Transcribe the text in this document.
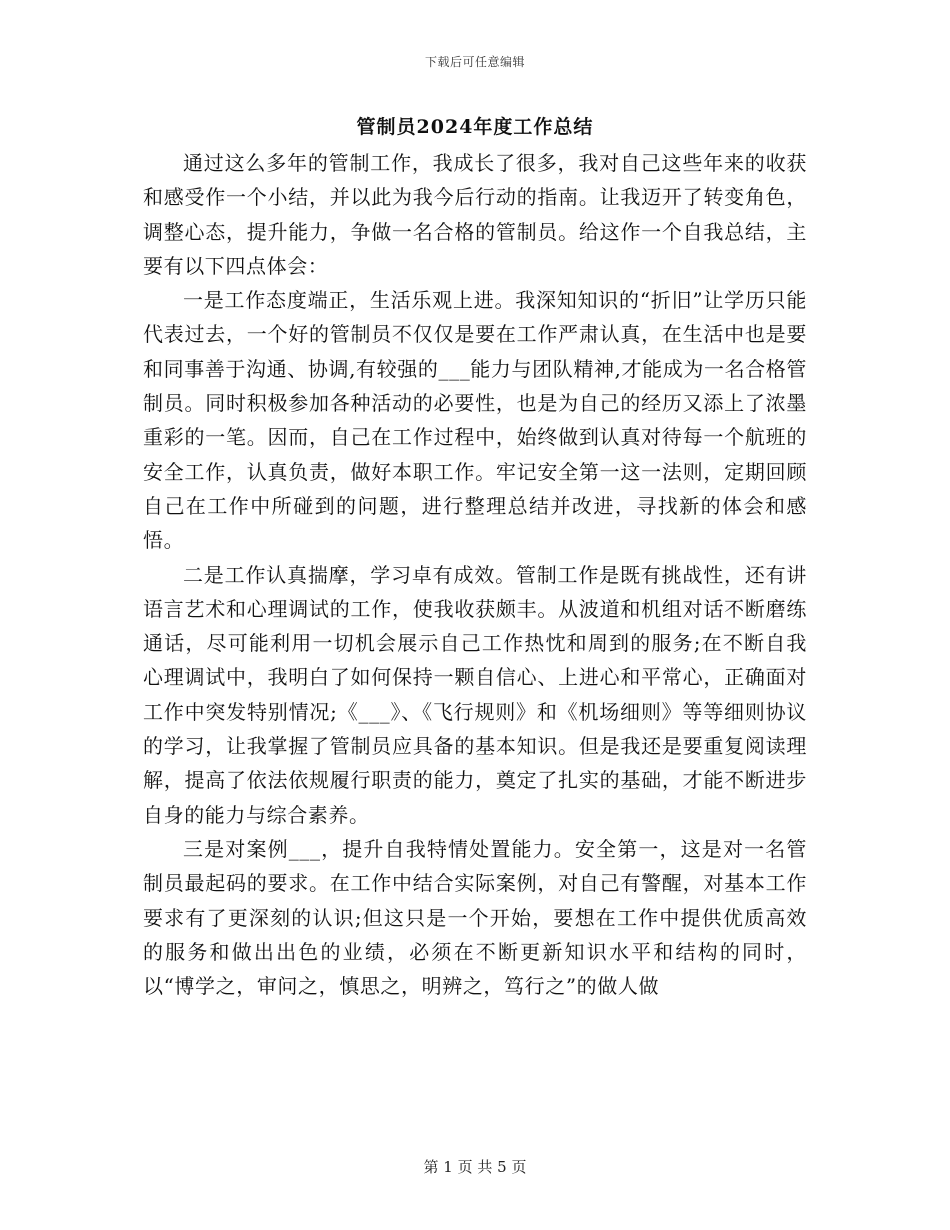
下载后可任意编辑
管制员2024年度工作总结

通过这么多年的管制工作，我成长了很多，我对自己这些年来的收获和感受作一个小结，并以此为我今后行动的指南。让我迈开了转变角色，调整心态，提升能力，争做一名合格的管制员。给这作一个自我总结，主要有以下四点体会：

一是工作态度端正，生活乐观上进。我深知知识的“折旧”让学历只能代表过去，一个好的管制员不仅仅是要在工作严肃认真，在生活中也是要和同事善于沟通、协调,有较强的___能力与团队精神,才能成为一名合格管制员。同时积极参加各种活动的必要性，也是为自己的经历又添上了浓墨重彩的一笔。因而，自己在工作过程中，始终做到认真对待每一个航班的安全工作，认真负责，做好本职工作。牢记安全第一这一法则，定期回顾自己在工作中所碰到的问题，进行整理总结并改进，寻找新的体会和感悟。

二是工作认真揣摩，学习卓有成效。管制工作是既有挑战性，还有讲语言艺术和心理调试的工作，使我收获颇丰。从波道和机组对话不断磨练通话，尽可能利用一切机会展示自己工作热忱和周到的服务;在不断自我心理调试中，我明白了如何保持一颗自信心、上进心和平常心，正确面对工作中突发特别情况;《___》、《飞行规则》和《机场细则》等等细则协议的学习，让我掌握了管制员应具备的基本知识。但是我还是要重复阅读理解，提高了依法依规履行职责的能力，奠定了扎实的基础，才能不断进步自身的能力与综合素养。

三是对案例___，提升自我特情处置能力。安全第一，这是对一名管制员最起码的要求。在工作中结合实际案例，对自己有警醒，对基本工作要求有了更深刻的认识;但这只是一个开始，要想在工作中提供优质高效的服务和做出出色的业绩，必须在不断更新知识水平和结构的同时，以“博学之，审问之，慎思之，明辨之，笃行之”的做人做

第 1 页 共 5 页
